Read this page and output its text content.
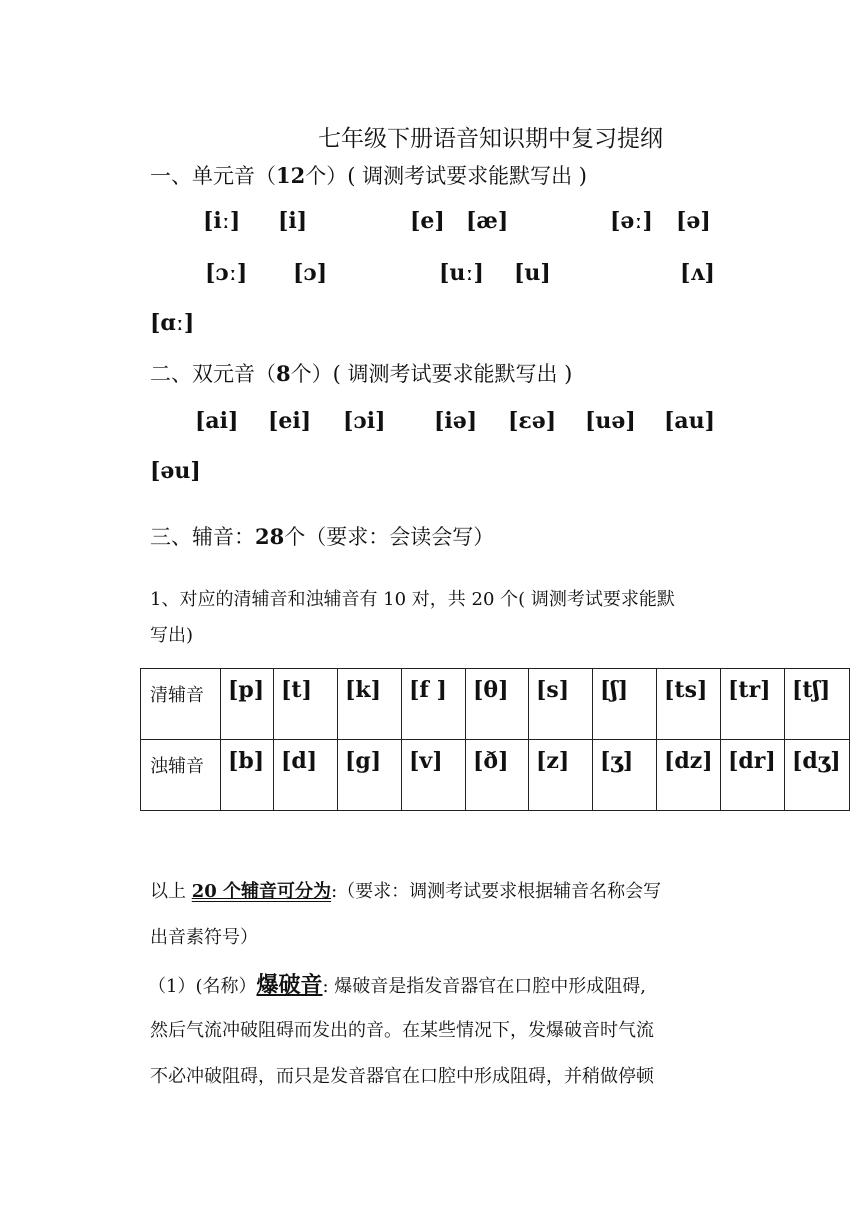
七年级下册语音知识期中复习提纲
一、单元音（12个）( 调测考试要求能默写出 )
[iː] [i]	[e] [æ]	[əː] [ə]
[ɔː] [ɔ]	[uː] [u]	[ʌ]
[ɑː]
二、双元音（8个）( 调测考试要求能默写出 )
[ai] [ei] [ɔi] [iə] [ɛə] [uə] [au]
[əu]
三、辅音：28个（要求：会读会写）
1、对应的清辅音和浊辅音有 10 对，共 20 个( 调测考试要求能默
写出)
清辅音	[p]	[t]	[k]	[f ]	[θ]	[s]	[ʃ]	[ts]	[tr]	[tʃ]
浊辅音	[b]	[d]	[g]	[v]	[ð]	[z]	[ʒ]	[dz]	[dr]	[dʒ]
以上 20 个辅音可分为:（要求：调测考试要求根据辅音名称会写
出音素符号）
（1）(名称）爆破音: 爆破音是指发音器官在口腔中形成阻碍,
然后气流冲破阻碍而发出的音。在某些情况下，发爆破音时气流
不必冲破阻碍，而只是发音器官在口腔中形成阻碍，并稍做停顿
